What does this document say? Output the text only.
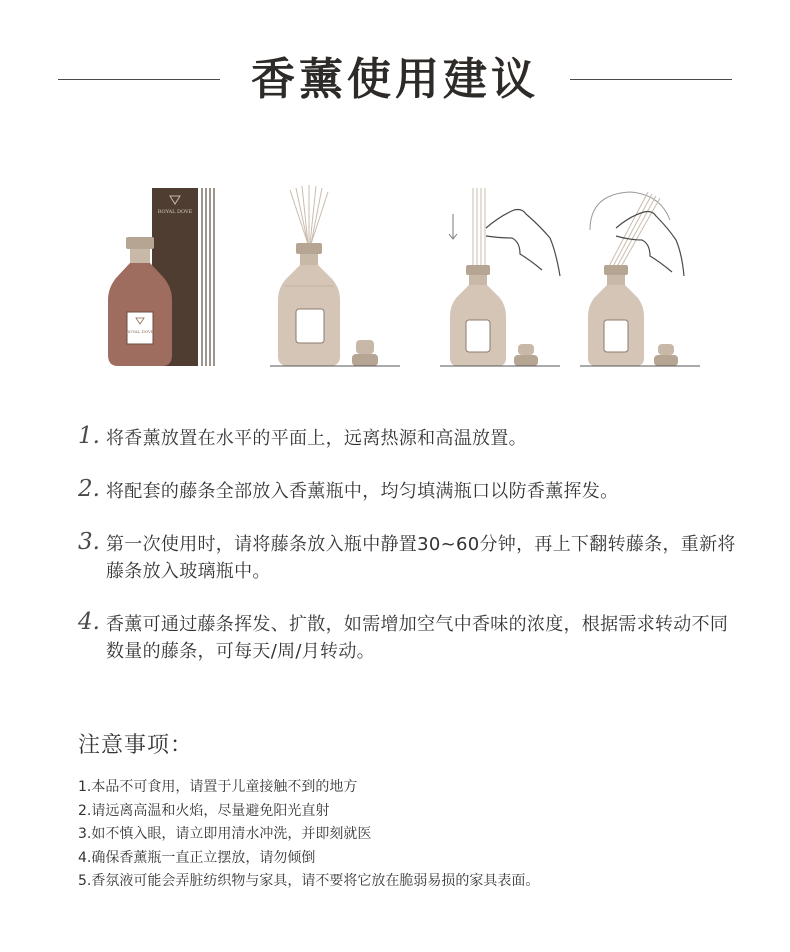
香薰使用建议
ROYAL DOVE
ROYAL DOVE
1. 将香薰放置在水平的平面上，远离热源和高温放置。
2. 将配套的藤条全部放入香薰瓶中，均匀填满瓶口以防香薰挥发。
3. 第一次使用时，请将藤条放入瓶中静置30~60分钟，再上下翻转藤条，重新将藤条放入玻璃瓶中。
4. 香薰可通过藤条挥发、扩散，如需增加空气中香味的浓度，根据需求转动不同数量的藤条，可每天/周/月转动。
注意事项：
1.本品不可食用，请置于儿童接触不到的地方
2.请远离高温和火焰，尽量避免阳光直射
3.如不慎入眼，请立即用清水冲洗，并即刻就医
4.确保香薰瓶一直正立摆放，请勿倾倒
5.香氛液可能会弄脏纺织物与家具，请不要将它放在脆弱易损的家具表面。
